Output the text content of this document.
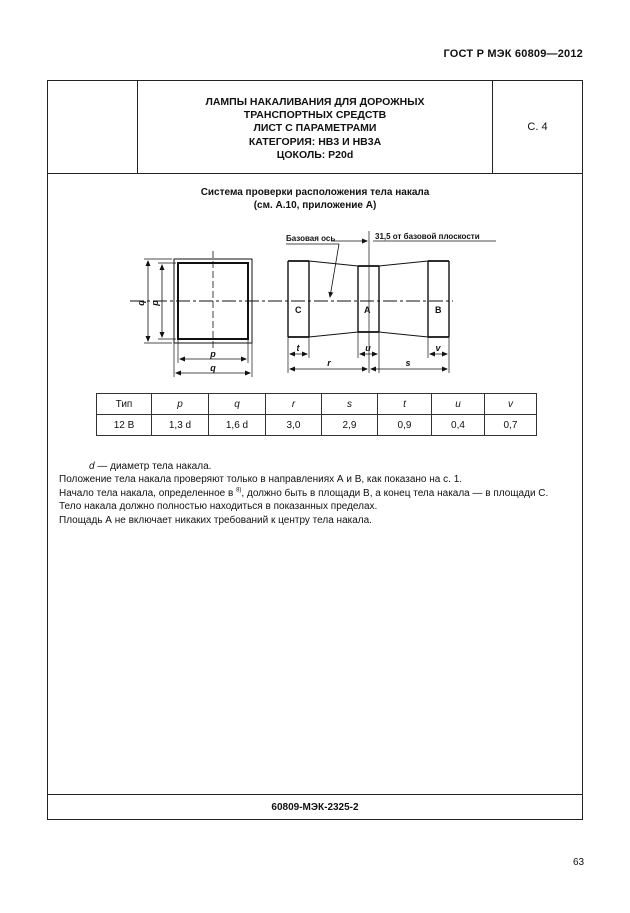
ГОСТ Р МЭК 60809—2012
ЛАМПЫ НАКАЛИВАНИЯ ДЛЯ ДОРОЖНЫХ
ТРАНСПОРТНЫХ СРЕДСТВ
ЛИСТ С ПАРАМЕТРАМИ
КАТЕГОРИЯ: НВ3 И НВ3А
ЦОКОЛЬ: P20d
С. 4
Система проверки расположения тела накала
(см. А.10, приложение А)
Базовая ось	31,5 от базовой плоскости
C	A	B
q p
p
q
t	u	v
r	s
Тип	p	q	r	s	t	u	v
12 В	1,3 d	1,6 d	3,0	2,9	0,9	0,4	0,7

d — диаметр тела накала.

Положение тела накала проверяют только в направлениях А и В, как показано на с. 1.

Начало тела накала, определенное в $^{8)}$, должно быть в площади B, а конец тела накала — в площади С.

Тело накала должно полностью находиться в показанных пределах.

Площадь А не включает никаких требований к центру тела накала.

60809-МЭК-2325-2
63
